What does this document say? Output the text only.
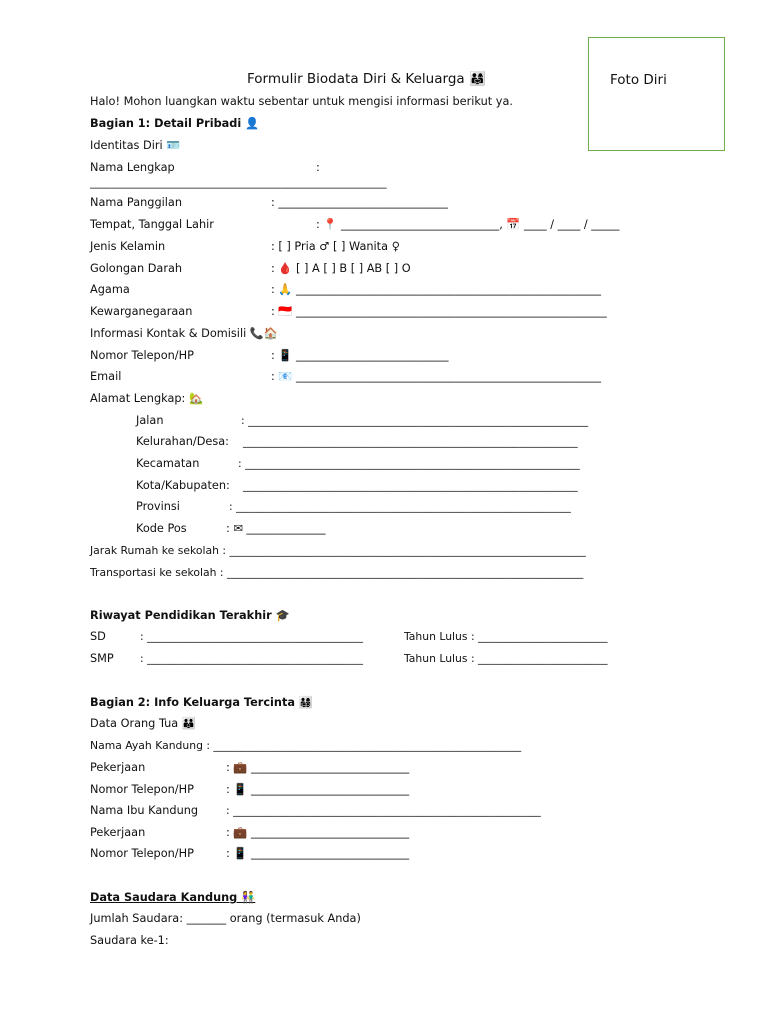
Formulir Biodata Diri & Keluarga 👨‍👩‍👧	Foto Diri
Halo! Mohon luangkan waktu sebentar untuk mengisi informasi berikut ya.
Bagian 1: Detail Pribadi 👤
Identitas Diri 🪪
Nama Lengkap	:
________________________________________________________
Nama Panggilan	: ______________________________
Tempat, Tanggal Lahir	: 📍 ____________________________, 📅 ____ / ____ / _____
Jenis Kelamin	: [ ] Pria ♂ [ ] Wanita ♀
Golongan Darah	: 🩸 [ ] A [ ] B [ ] AB [ ] O
Agama	: 🙏 ______________________________________________________
Kewarganegaraan	: 🇮🇩 _______________________________________________________
Informasi Kontak & Domisili 📞🏠
Nomor Telepon/HP	: 📱 ___________________________
Email	: 📧 ______________________________________________________
Alamat Lengkap: 🏡
Jalan	: _______________________________________________________________
Kelurahan/Desa: ______________________________________________________________
Kecamatan	: ______________________________________________________________
Kota/Kabupaten: ______________________________________________________________
Provinsi	: ______________________________________________________________
Kode Pos	: ✉ ______________
Jarak Rumah ke sekolah : __________________________________________________________________
Transportasi ke sekolah : __________________________________________________________________
Riwayat Pendidikan Terakhir 🎓
SD	: ________________________________________	Tahun Lulus : ________________________
SMP : ________________________________________	Tahun Lulus : ________________________
Bagian 2: Info Keluarga Tercinta 👨‍👩‍👧‍👦
Data Orang Tua 👪
Nama Ayah Kandung : _________________________________________________________
Pekerjaan	: 💼 ____________________________
Nomor Telepon/HP	: 📱 ____________________________
Nama Ibu Kandung	: _________________________________________________________
Pekerjaan	: 💼 ____________________________
Nomor Telepon/HP	: 📱 ____________________________
Data Saudara Kandung 👫
Jumlah Saudara: _______ orang (termasuk Anda)
Saudara ke-1:
